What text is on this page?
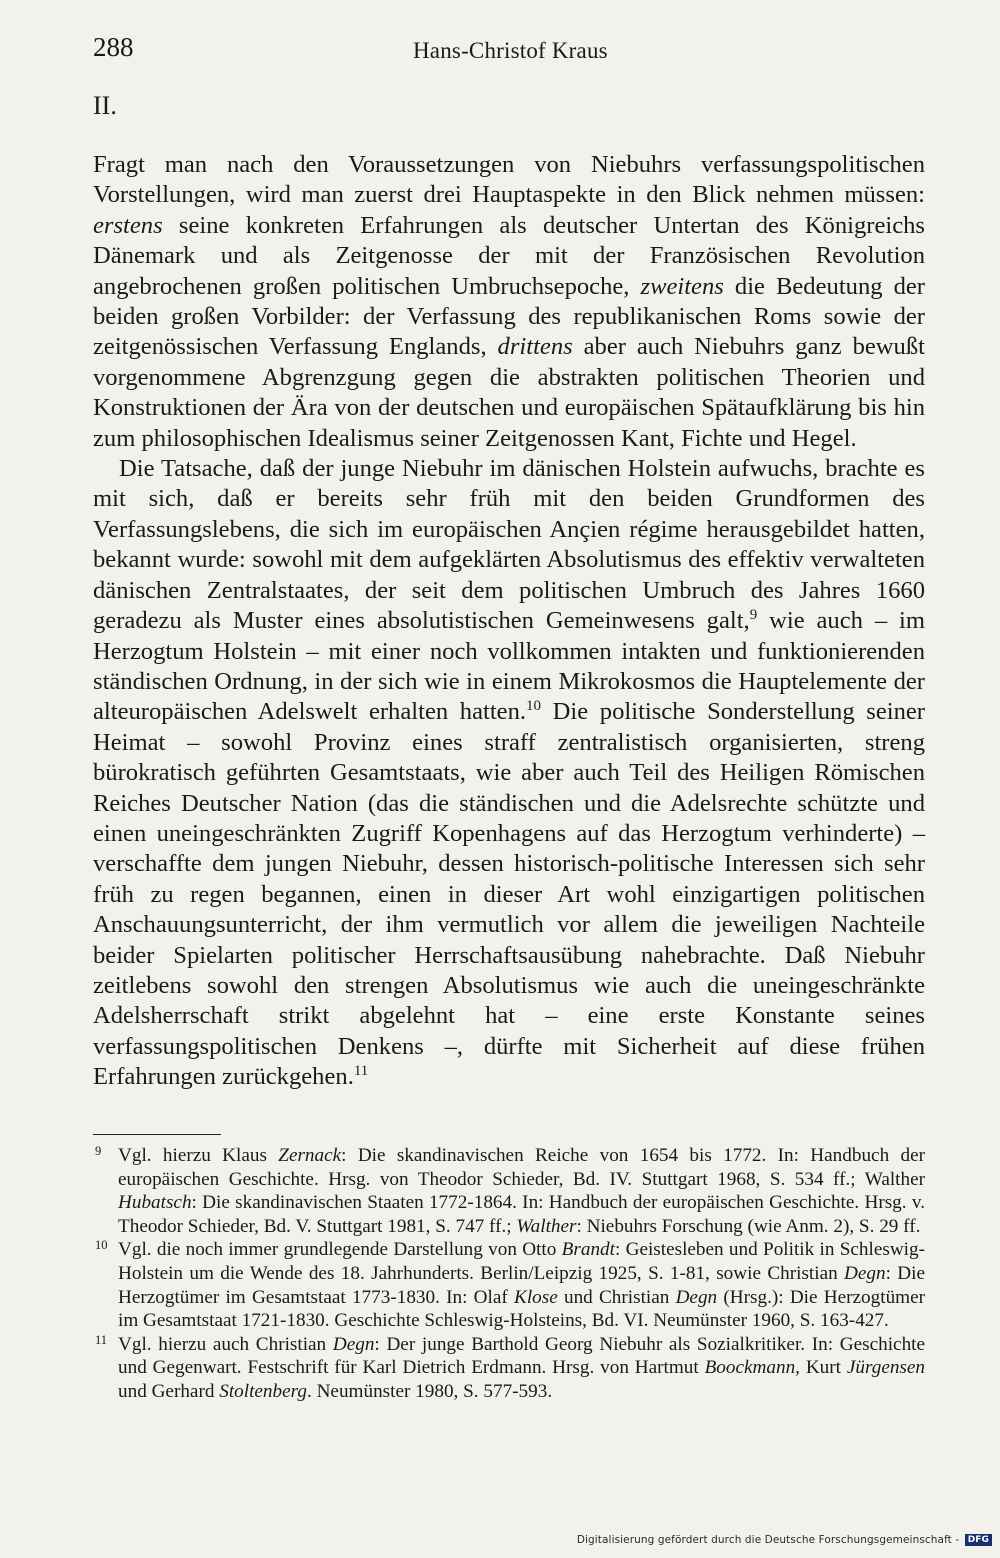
288	Hans-Christof Kraus
II.

Fragt man nach den Voraussetzungen von Niebuhrs verfassungspolitischen Vorstellungen, wird man zuerst drei Hauptaspekte in den Blick nehmen müssen: erstens seine konkreten Erfahrungen als deutscher Untertan des Königreichs Dänemark und als Zeitgenosse der mit der Französischen Revolution angebrochenen großen politischen Umbruchsepoche, zweitens die Bedeutung der beiden großen Vorbilder: der Verfassung des republikanischen Roms sowie der zeitgenössischen Verfassung Englands, drittens aber auch Niebuhrs ganz bewußt vorgenommene Abgrenzgung gegen die abstrakten politischen Theorien und Konstruktionen der Ära von der deutschen und europäischen Spätaufklärung bis hin zum philosophischen Idealismus seiner Zeitgenossen Kant, Fichte und Hegel.

Die Tatsache, daß der junge Niebuhr im dänischen Holstein aufwuchs, brachte es mit sich, daß er bereits sehr früh mit den beiden Grundformen des Verfassungslebens, die sich im europäischen Ançien régime herausgebildet hatten, bekannt wurde: sowohl mit dem aufgeklärten Absolutismus des effektiv verwalteten dänischen Zentralstaates, der seit dem politischen Umbruch des Jahres 1660 geradezu als Muster eines absolutistischen Gemeinwesens galt,$^9$ wie auch – im Herzogtum Holstein – mit einer noch vollkommen intakten und funktionierenden ständischen Ordnung, in der sich wie in einem Mikrokosmos die Hauptelemente der alteuropäischen Adelswelt erhalten hatten.$^{10}$ Die politische Sonderstellung seiner Heimat – sowohl Provinz eines straff zentralistisch organisierten, streng bürokratisch geführten Gesamtstaats, wie aber auch Teil des Heiligen Römischen Reiches Deutscher Nation (das die ständischen und die Adelsrechte schützte und einen uneingeschränkten Zugriff Kopenhagens auf das Herzogtum verhinderte) – verschaffte dem jungen Niebuhr, dessen historisch-politische Interessen sich sehr früh zu regen begannen, einen in dieser Art wohl einzigartigen politischen Anschauungsunterricht, der ihm vermutlich vor allem die jeweiligen Nachteile beider Spielarten politischer Herrschaftsausübung nahebrachte. Daß Niebuhr zeitlebens sowohl den strengen Absolutismus wie auch die uneingeschränkte Adelsherrschaft strikt abgelehnt hat – eine erste Konstante seines verfassungspolitischen Denkens –, dürfte mit Sicherheit auf diese frühen Erfahrungen zurückgehen.$^{11}$

9 Vgl. hierzu Klaus Zernack: Die skandinavischen Reiche von 1654 bis 1772. In: Handbuch der europäischen Geschichte. Hrsg. von Theodor Schieder, Bd. IV. Stuttgart 1968, S. 534 ff.; Walther Hubatsch: Die skandinavischen Staaten 1772-1864. In: Handbuch der europäischen Geschichte. Hrsg. v. Theodor Schieder, Bd. V. Stuttgart 1981, S. 747 ff.; Walther: Niebuhrs Forschung (wie Anm. 2), S. 29 ff.

10 Vgl. die noch immer grundlegende Darstellung von Otto Brandt: Geistesleben und Politik in Schleswig-Holstein um die Wende des 18. Jahrhunderts. Berlin/Leipzig 1925, S. 1-81, sowie Christian Degn: Die Herzogtümer im Gesamtstaat 1773-1830. In: Olaf Klose und Christian Degn (Hrsg.): Die Herzogtümer im Gesamtstaat 1721-1830. Geschichte Schleswig-Holsteins, Bd. VI. Neumünster 1960, S. 163-427.

11 Vgl. hierzu auch Christian Degn: Der junge Barthold Georg Niebuhr als Sozialkritiker. In: Geschichte und Gegenwart. Festschrift für Karl Dietrich Erdmann. Hrsg. von Hartmut Boockmann, Kurt Jürgensen und Gerhard Stoltenberg. Neumünster 1980, S. 577-593.

Digitalisierung gefördert durch die Deutsche Forschungsgemeinschaft - DFG
